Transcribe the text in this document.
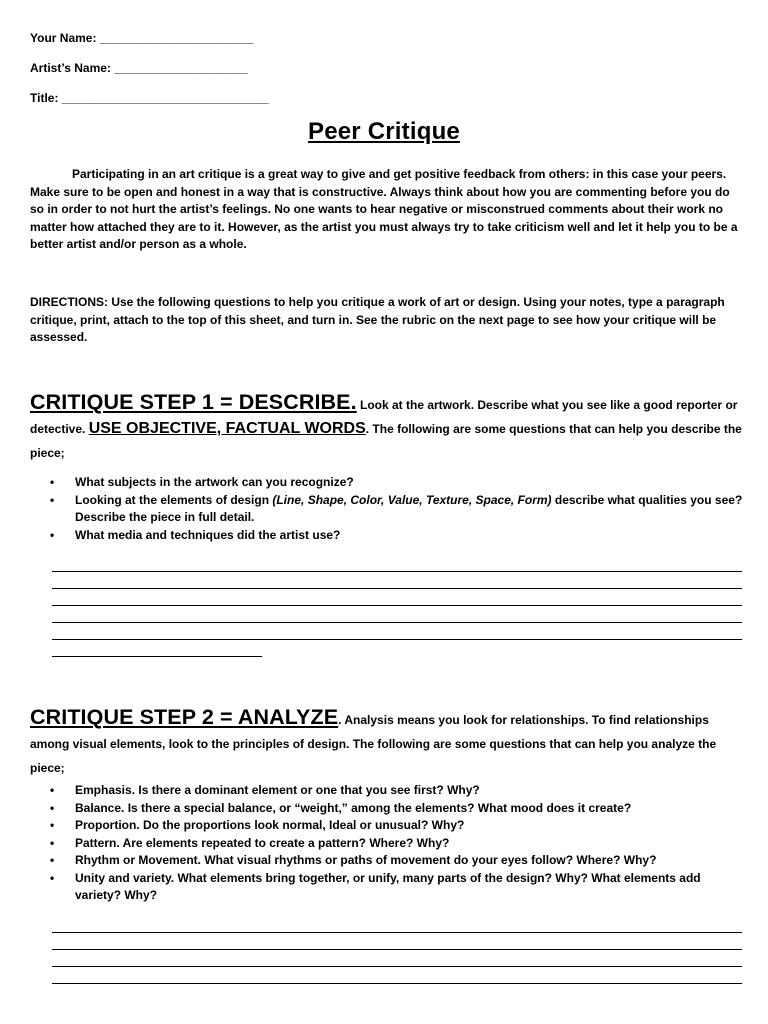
Your Name: _______________________
Artist’s Name: ____________________
Title: _______________________________
Peer Critique

Participating in an art critique is a great way to give and get positive feedback from others: in this case your peers. Make sure to be open and honest in a way that is constructive. Always think about how you are commenting before you do so in order to not hurt the artist’s feelings. No one wants to hear negative or misconstrued comments about their work no matter how attached they are to it. However, as the artist you must always try to take criticism well and let it help you to be a better artist and/or person as a whole.

DIRECTIONS: Use the following questions to help you critique a work of art or design. Using your notes, type a paragraph critique, print, attach to the top of this sheet, and turn in. See the rubric on the next page to see how your critique will be assessed.

CRITIQUE STEP 1 = DESCRIBE. Look at the artwork. Describe what you see like a good reporter or detective. USE OBJECTIVE, FACTUAL WORDS. The following are some questions that can help you describe the piece;

• What subjects in the artwork can you recognize?
• Looking at the elements of design (Line, Shape, Color, Value, Texture, Space, Form) describe what qualities you see? Describe the piece in full detail.
• What media and techniques did the artist use?

CRITIQUE STEP 2 = ANALYZE. Analysis means you look for relationships. To find relationships among visual elements, look to the principles of design. The following are some questions that can help you analyze the piece;

• Emphasis. Is there a dominant element or one that you see first? Why?
• Balance. Is there a special balance, or “weight,” among the elements? What mood does it create?
• Proportion. Do the proportions look normal, Ideal or unusual? Why?
• Pattern. Are elements repeated to create a pattern? Where? Why?
• Rhythm or Movement. What visual rhythms or paths of movement do your eyes follow? Where? Why?
• Unity and variety. What elements bring together, or unify, many parts of the design? Why? What elements add variety? Why?
